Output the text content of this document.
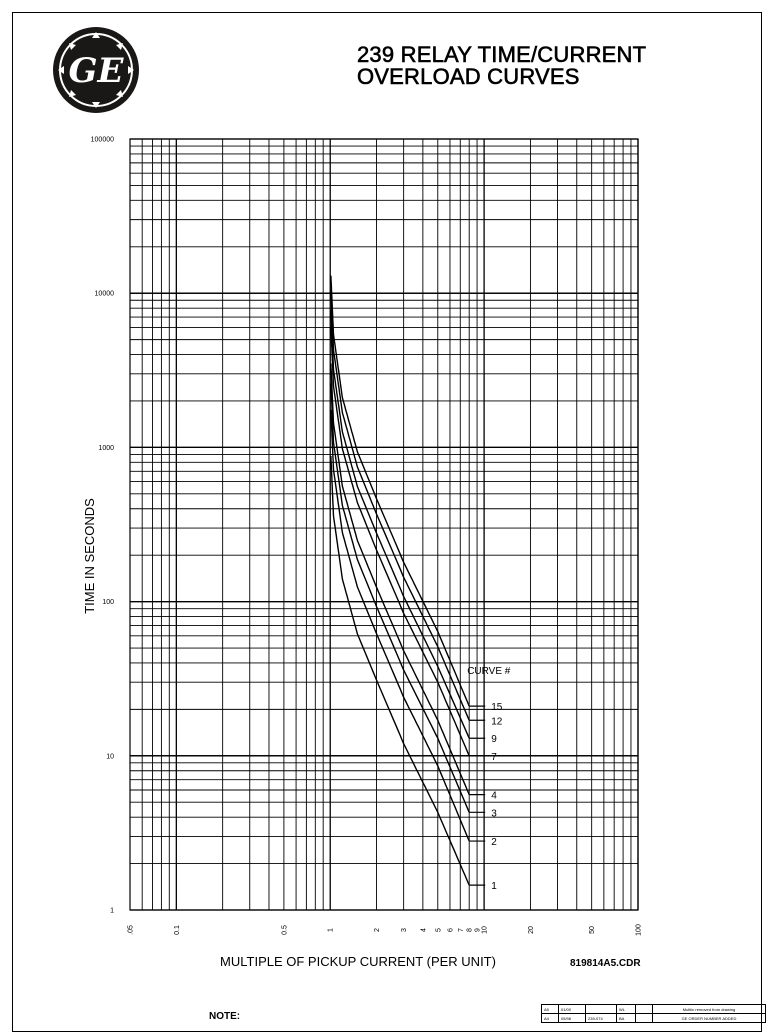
GE	239 RELAY TIME/CURRENT
OVERLOAD CURVES
1
10
100
1000
10000
100000
.05	0.1	0.5	1	2	3 4 5 6 7 8 9 10	20	50	100
1
2
3
4
7
9
12
15
CURVE #
TIME IN SECONDS
MULTIPLE OF PICKUP CURRENT (PER UNIT)	819814A5.CDR
NOTE:
A5	01/00		WL		Multiin removed from drawing
A4	05/98	239-074	BA		GE ORDER NUMBER ADDED
